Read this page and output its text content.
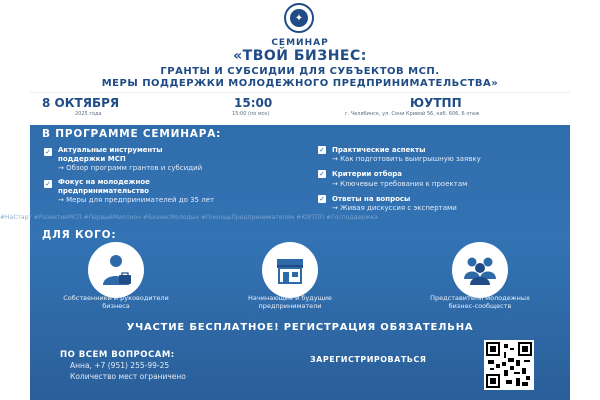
✦
СЕМИНАР
«ТВОЙ БИЗНЕС:
ГРАНТЫ И СУБСИДИИ ДЛЯ СУБЪЕКТОВ МСП.
МЕРЫ ПОДДЕРЖКИ МОЛОДЕЖНОГО ПРЕДПРИНИМАТЕЛЬСТВА»
8 ОКТЯБРЯ
2025 года
15:00
15:00 (по мск)
ЮУТПП
г. Челябинск, ул. Сони Кривой 56, каб. 606, 6 этаж
В ПРОГРАММЕ СЕМИНАРА:
✓ Актуальные инструменты
поддержки МСП
→ Обзор программ грантов и субсидий
✓ Фокус на молодежное
предпринимательство
→ Меры для предпринимателей до 35 лет
✓ Практические аспекты
→ Как подготовить выигрышную заявку
✓ Критерии отбора
→ Ключевые требования к проектам
✓ Ответы на вопросы
→ Живая дискуссия с экспертами
#НаСтарт #РазвитиеМСП #ПервыйМиллион #БизнесМолодых #ПомощьПредпринимателям #ЮУТПП #Господдержка
ДЛЯ КОГО:
Собственники и руководители
бизнеса
Начинающие и будущие
предприниматели
Представители молодежных
бизнес-сообществ
УЧАСТИЕ БЕСПЛАТНОЕ! РЕГИСТРАЦИЯ ОБЯЗАТЕЛЬНА
ПО ВСЕМ ВОПРОСАМ:
Анна, +7 (951) 255-99-25
Количество мест ограничено
ЗАРЕГИСТРИРОВАТЬСЯ
